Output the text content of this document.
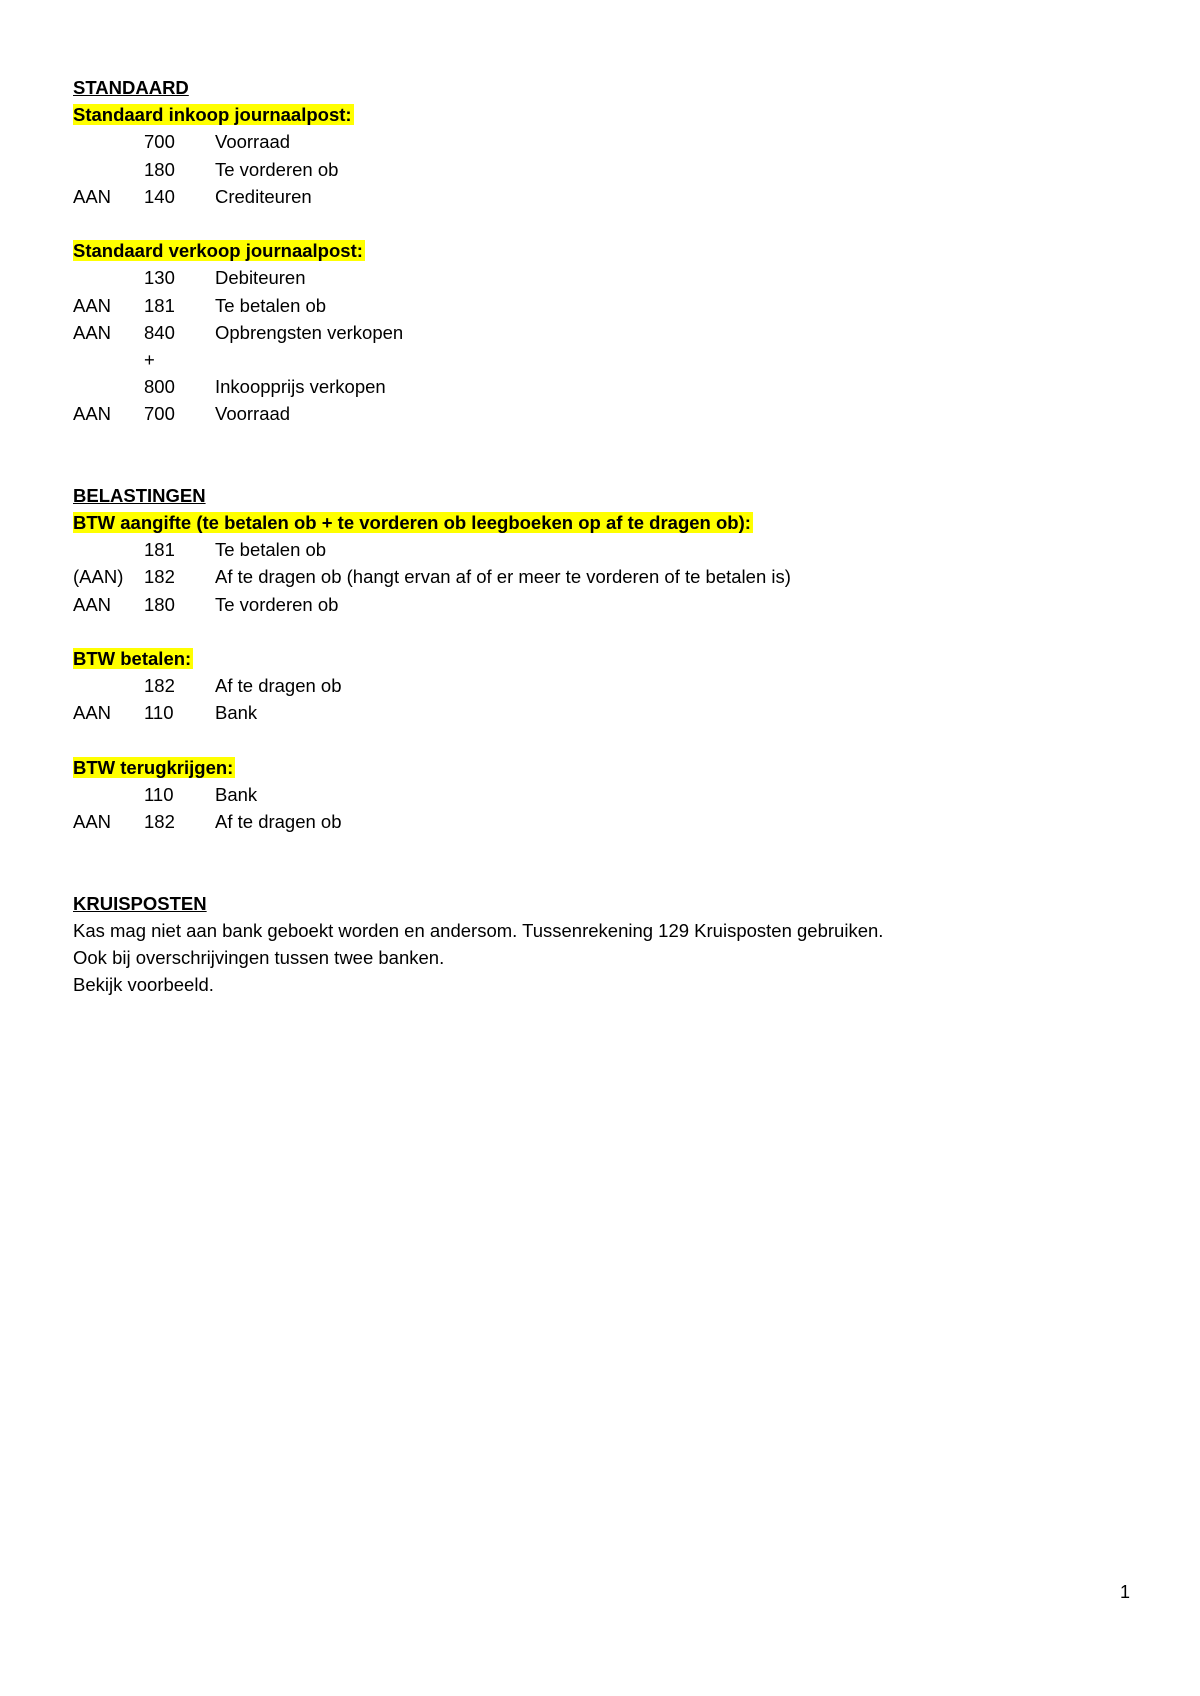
STANDAARD
Standaard inkoop journaalpost:
700 Voorraad
180 Te vorderen ob
AAN 140 Crediteuren
Standaard verkoop journaalpost:
130 Debiteuren
AAN 181 Te betalen ob
AAN 840 Opbrengsten verkopen
+
800 Inkoopprijs verkopen
AAN 700 Voorraad
BELASTINGEN
BTW aangifte (te betalen ob + te vorderen ob leegboeken op af te dragen ob):
181 Te betalen ob
(AAN) 182 Af te dragen ob (hangt ervan af of er meer te vorderen of te betalen is)
AAN 180 Te vorderen ob
BTW betalen:
182 Af te dragen ob
AAN 110 Bank
BTW terugkrijgen:
110 Bank
AAN 182 Af te dragen ob
KRUISPOSTEN
Kas mag niet aan bank geboekt worden en andersom. Tussenrekening 129 Kruisposten gebruiken.
Ook bij overschrijvingen tussen twee banken.
Bekijk voorbeeld.
1
